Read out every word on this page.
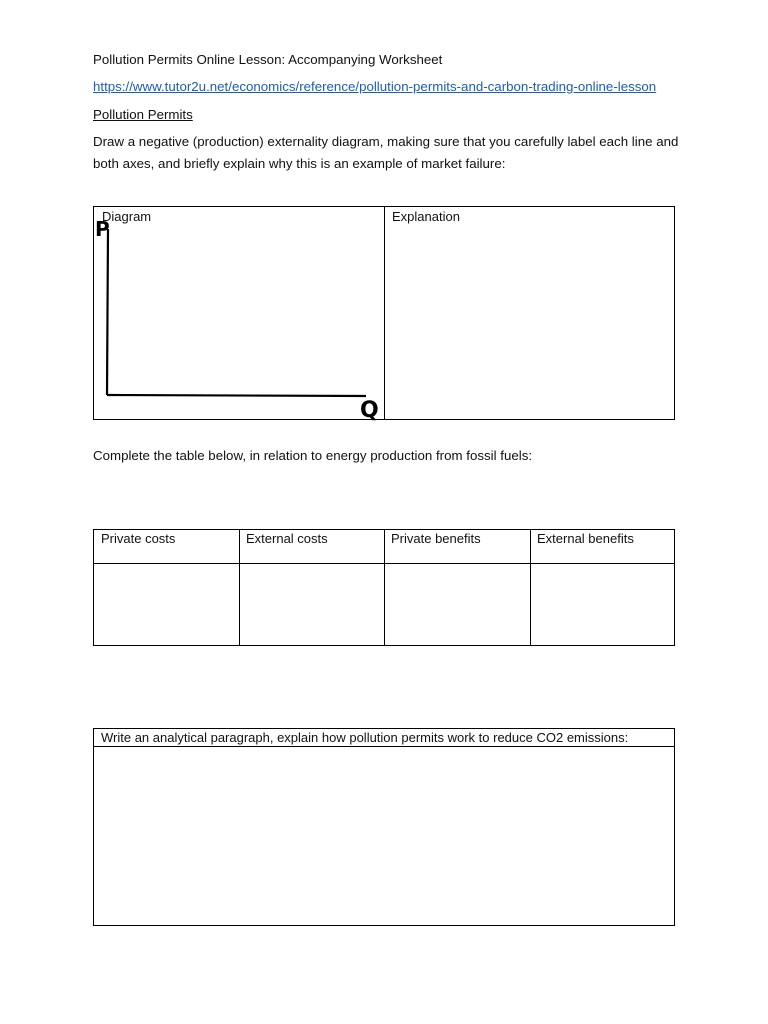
Pollution Permits Online Lesson: Accompanying Worksheet
https://www.tutor2u.net/economics/reference/pollution-permits-and-carbon-trading-online-lesson
Pollution Permits
Draw a negative (production) externality diagram, making sure that you carefully label each line and
both axes, and briefly explain why this is an example of market failure:
Diagram	Explanation
P
Q
Complete the table below, in relation to energy production from fossil fuels:
Private costs	External costs	Private benefits	External benefits
Write an analytical paragraph, explain how pollution permits work to reduce CO2 emissions:
